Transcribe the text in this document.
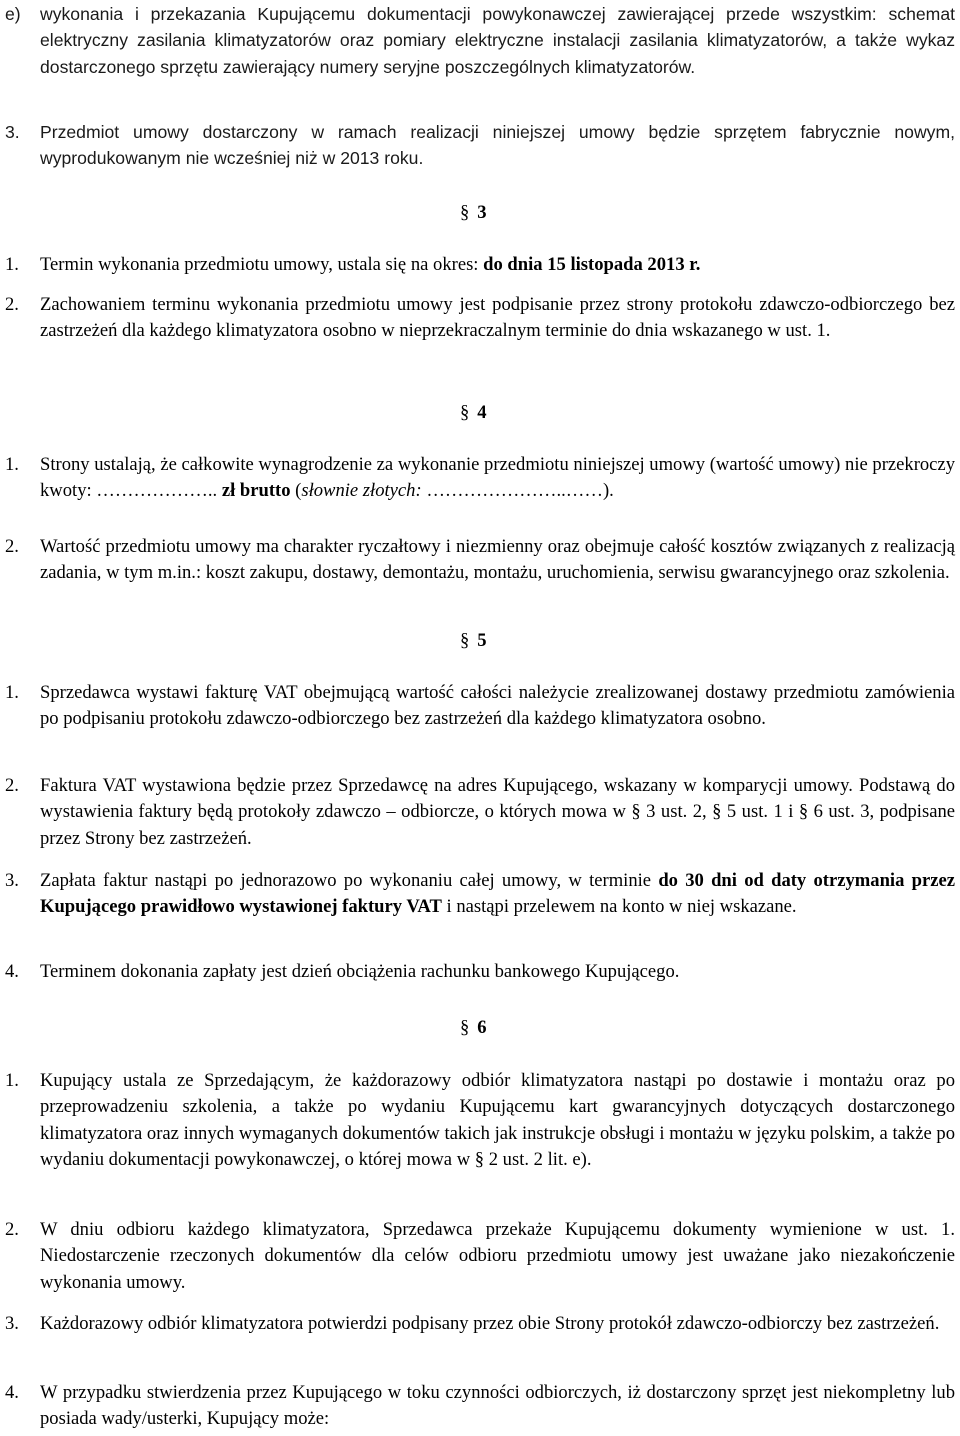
e) wykonania i przekazania Kupującemu dokumentacji powykonawczej zawierającej przede wszystkim: schemat elektryczny zasilania klimatyzatorów oraz pomiary elektryczne instalacji zasilania klimatyzatorów, a także wykaz dostarczonego sprzętu zawierający numery seryjne poszczególnych klimatyzatorów.
3. Przedmiot umowy dostarczony w ramach realizacji niniejszej umowy będzie sprzętem fabrycznie nowym, wyprodukowanym nie wcześniej niż w 2013 roku.
§ 3
1. Termin wykonania przedmiotu umowy, ustala się na okres: do dnia 15 listopada 2013 r.
2. Zachowaniem terminu wykonania przedmiotu umowy jest podpisanie przez strony protokołu zdawczo-odbiorczego bez zastrzeżeń dla każdego klimatyzatora osobno w nieprzekraczalnym terminie do dnia wskazanego w ust. 1.
§ 4
1. Strony ustalają, że całkowite wynagrodzenie za wykonanie przedmiotu niniejszej umowy (wartość umowy) nie przekroczy kwoty: ……………….. zł brutto (słownie złotych: …………………..……).
2. Wartość przedmiotu umowy ma charakter ryczałtowy i niezmienny oraz obejmuje całość kosztów związanych z realizacją zadania, w tym m.in.: koszt zakupu, dostawy, demontażu, montażu, uruchomienia, serwisu gwarancyjnego oraz szkolenia.
§ 5
1. Sprzedawca wystawi fakturę VAT obejmującą wartość całości należycie zrealizowanej dostawy przedmiotu zamówienia po podpisaniu protokołu zdawczo-odbiorczego bez zastrzeżeń dla każdego klimatyzatora osobno.
2. Faktura VAT wystawiona będzie przez Sprzedawcę na adres Kupującego, wskazany w komparycji umowy. Podstawą do wystawienia faktury będą protokoły zdawczo – odbiorcze, o których mowa w § 3 ust. 2, § 5 ust. 1 i § 6 ust. 3, podpisane przez Strony bez zastrzeżeń.
3. Zapłata faktur nastąpi po jednorazowo po wykonaniu całej umowy, w terminie do 30 dni od daty otrzymania przez Kupującego prawidłowo wystawionej faktury VAT i nastąpi przelewem na konto w niej wskazane.
4. Terminem dokonania zapłaty jest dzień obciążenia rachunku bankowego Kupującego.
§ 6
1. Kupujący ustala ze Sprzedającym, że każdorazowy odbiór klimatyzatora nastąpi po dostawie i montażu oraz po przeprowadzeniu szkolenia, a także po wydaniu Kupującemu kart gwarancyjnych dotyczących dostarczonego klimatyzatora oraz innych wymaganych dokumentów takich jak instrukcje obsługi i montażu w języku polskim, a także po wydaniu dokumentacji powykonawczej, o której mowa w § 2 ust. 2 lit. e).
2. W dniu odbioru każdego klimatyzatora, Sprzedawca przekaże Kupującemu dokumenty wymienione w ust. 1. Niedostarczenie rzeczonych dokumentów dla celów odbioru przedmiotu umowy jest uważane jako niezakończenie wykonania umowy.
3. Każdorazowy odbiór klimatyzatora potwierdzi podpisany przez obie Strony protokół zdawczo-odbiorczy bez zastrzeżeń.
4. W przypadku stwierdzenia przez Kupującego w toku czynności odbiorczych, iż dostarczony sprzęt jest niekompletny lub posiada wady/usterki, Kupujący może:
